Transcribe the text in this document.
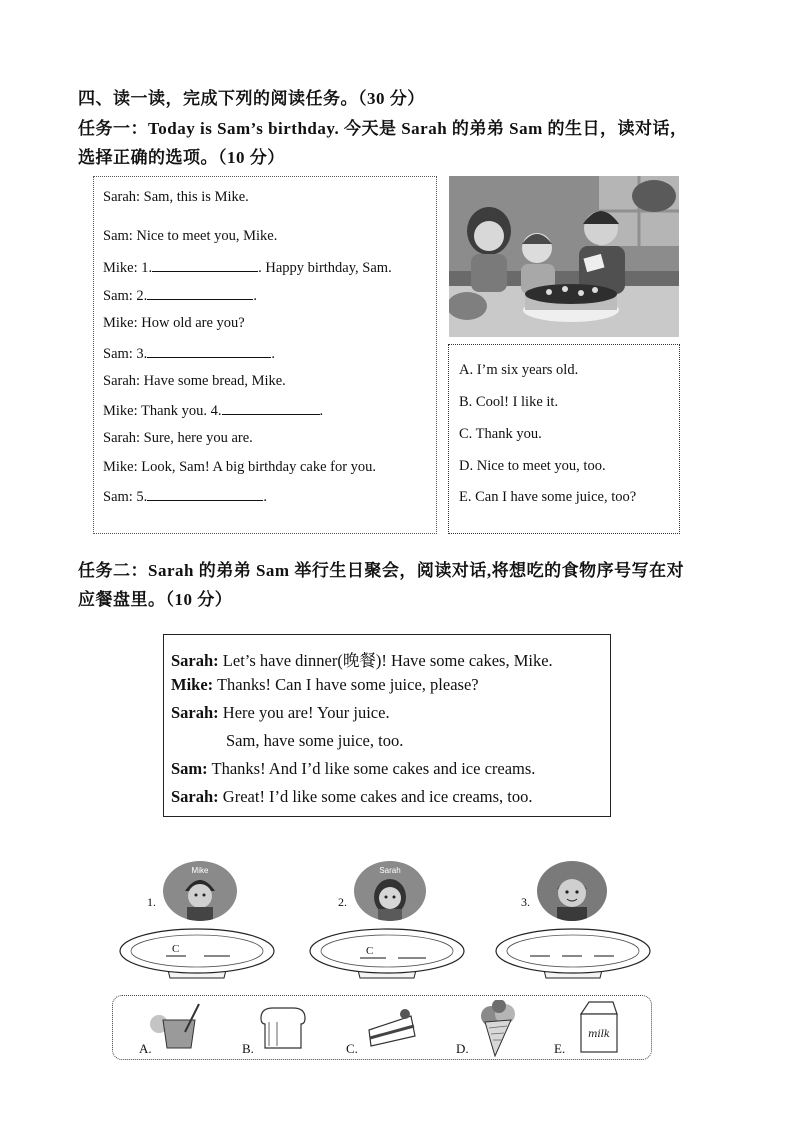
四、读一读，完成下列的阅读任务。（30 分）
任务一：Today is Sam’s birthday. 今天是 Sarah 的弟弟 Sam 的生日，读对话，
选择正确的选项。（10 分）
Sarah: Sam, this is Mike.
Sam: Nice to meet you, Mike.
Mike: 1.	. Happy birthday, Sam.
Sam: 2.	.
Mike: How old are you?
Sam: 3.	.
Sarah: Have some bread, Mike.
Mike: Thank you. 4.	.
Sarah: Sure, here you are.
Mike: Look, Sam! A big birthday cake for you.
Sam: 5.	.
A. I’m six years old.
B. Cool! I like it.
C. Thank you.
D. Nice to meet you, too.
E. Can I have some juice, too?
任务二：Sarah 的弟弟 Sam 举行生日聚会，阅读对话,将想吃的食物序号写在对
应餐盘里。（10 分）
Sarah: Let’s have dinner(晚餐)! Have some cakes, Mike.
Mike: Thanks! Can I have some juice, please?
Sarah: Here you are! Your juice.
Sam, have some juice, too.
Sam: Thanks! And I’d like some cakes and ice creams.
Sarah: Great! I’d like some cakes and ice creams, too.
1.
Mike
C
2.
Sarah
C
3.
A.	B.	C.	D.	E.
milk
